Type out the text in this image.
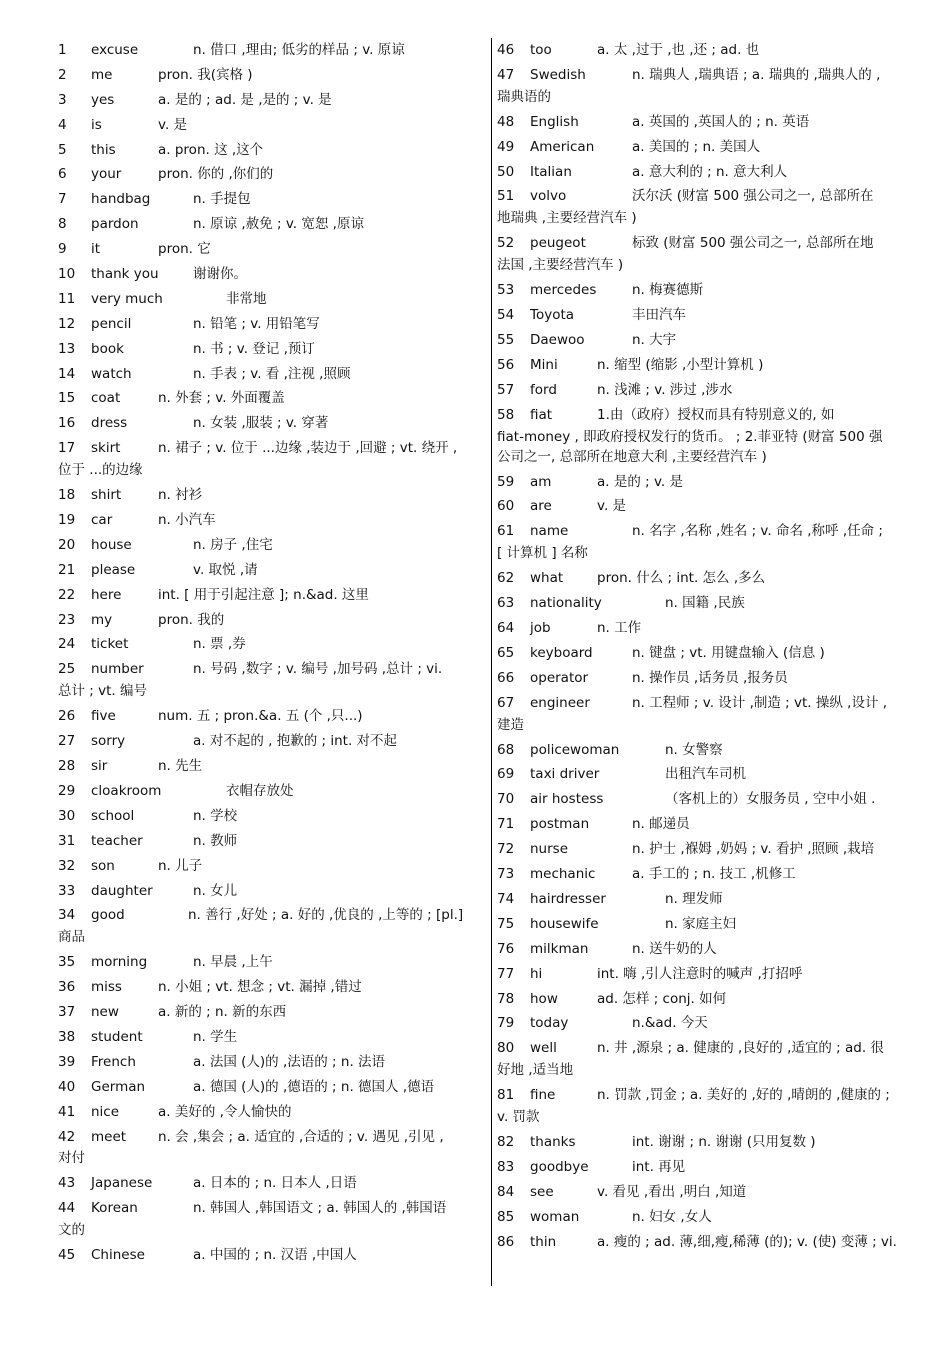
1 excuse	n. 借口 ,理由; 低劣的样品 ; v. 原谅
2 me	pron. 我(宾格 )
3 yes	a. 是的 ; ad. 是 ,是的 ; v. 是
4 is	v. 是
5 this	a. pron. 这 ,这个
6 your	pron. 你的 ,你们的
7 handbag	n. 手提包
8 pardon	n. 原谅 ,赦免 ; v. 宽恕 ,原谅
9 it	pron. 它
10 thank you	谢谢你。
11 very much	非常地
12 pencil	n. 铅笔 ; v. 用铅笔写
13 book	n. 书 ; v. 登记 ,预订
14 watch	n. 手表 ; v. 看 ,注视 ,照顾
15 coat	n. 外套 ; v. 外面覆盖
16 dress	n. 女装 ,服装 ; v. 穿著
17 skirt	n. 裙子 ; v. 位于 ...边缘 ,装边于 ,回避 ; vt. 绕开 ,
位于 ...的边缘
18 shirt	n. 衬衫
19 car	n. 小汽车
20 house	n. 房子 ,住宅
21 please	v. 取悦 ,请
22 here	int. [ 用于引起注意 ]; n.&ad. 这里
23 my	pron. 我的
24 ticket	n. 票 ,券
25 number	n. 号码 ,数字 ; v. 编号 ,加号码 ,总计 ; vi.
总计 ; vt. 编号
26 five	num. 五 ; pron.&a. 五 (个 ,只...)
27 sorry	a. 对不起的 , 抱歉的 ; int. 对不起
28 sir	n. 先生
29 cloakroom	衣帽存放处
30 school	n. 学校
31 teacher	n. 教师
32 son	n. 儿子
33 daughter	n. 女儿
34 good	n. 善行 ,好处 ; a. 好的 ,优良的 ,上等的 ; [pl.]
商品
35 morning	n. 早晨 ,上午
36 miss	n. 小姐 ; vt. 想念 ; vt. 漏掉 ,错过
37 new	a. 新的 ; n. 新的东西
38 student	n. 学生
39 French	a. 法国 (人)的 ,法语的 ; n. 法语
40 German	a. 德国 (人)的 ,德语的 ; n. 德国人 ,德语
41 nice	a. 美好的 ,令人愉快的
42 meet n. 会 ,集会 ; a. 适宜的 ,合适的 ; v. 遇见 ,引见 ,
对付
43 Japanese	a. 日本的 ; n. 日本人 ,日语
44 Korean	n. 韩国人 ,韩国语文 ; a. 韩国人的 ,韩国语
文的
45 Chinese	a. 中国的 ; n. 汉语 ,中国人
46 too	a. 太 ,过于 ,也 ,还 ; ad. 也
47 Swedish	n. 瑞典人 ,瑞典语 ; a. 瑞典的 ,瑞典人的 ,
瑞典语的
48 English	a. 英国的 ,英国人的 ; n. 英语
49 American	a. 美国的 ; n. 美国人
50 Italian	a. 意大利的 ; n. 意大利人
51 volvo	沃尔沃 (财富 500 强公司之一, 总部所在
地瑞典 ,主要经营汽车 )
52 peugeot	标致 (财富 500 强公司之一, 总部所在地
法国 ,主要经营汽车 )
53 mercedes	n. 梅赛德斯
54 Toyota	丰田汽车
55 Daewoo	n. 大宇
56 Mini	n. 缩型 (缩影 ,小型计算机 )
57 ford	n. 浅滩 ; v. 涉过 ,涉水
58 fiat	1.由（政府）授权而具有特别意义的, 如
fiat-money , 即政府授权发行的货币。 ; 2.菲亚特 (财富 500 强
公司之一, 总部所在地意大利 ,主要经营汽车 )
59 am	a. 是的 ; v. 是
60 are	v. 是
61 name	n. 名字 ,名称 ,姓名 ; v. 命名 ,称呼 ,任命 ;
[ 计算机 ] 名称
62 what	pron. 什么 ; int. 怎么 ,多么
63 nationality	n. 国籍 ,民族
64 job	n. 工作
65 keyboard	n. 键盘 ; vt. 用键盘输入 (信息 )
66 operator	n. 操作员 ,话务员 ,报务员
67 engineer	n. 工程师 ; v. 设计 ,制造 ; vt. 操纵 ,设计 ,
建造
68 policewoman	n. 女警察
69 taxi driver	出租汽车司机
70 air hostess	（客机上的）女服务员 , 空中小姐 .
71 postman	n. 邮递员
72 nurse	n. 护士 ,褓姆 ,奶妈 ; v. 看护 ,照顾 ,栽培
73 mechanic	a. 手工的 ; n. 技工 ,机修工
74 hairdresser	n. 理发师
75 housewife	n. 家庭主妇
76 milkman	n. 送牛奶的人
77 hi	int. 嗨 ,引人注意时的喊声 ,打招呼
78 how	ad. 怎样 ; conj. 如何
79 today	n.&ad. 今天
80 well	n. 井 ,源泉 ; a. 健康的 ,良好的 ,适宜的 ; ad. 很
好地 ,适当地
81 fine	n. 罚款 ,罚金 ; a. 美好的 ,好的 ,晴朗的 ,健康的 ;
v. 罚款
82 thanks	int. 谢谢 ; n. 谢谢 (只用复数 )
83 goodbye	int. 再见
84 see	v. 看见 ,看出 ,明白 ,知道
85 woman	n. 妇女 ,女人
86 thin	a. 瘦的 ; ad. 薄,细,瘦,稀薄 (的); v. (使) 变薄 ; vi.
